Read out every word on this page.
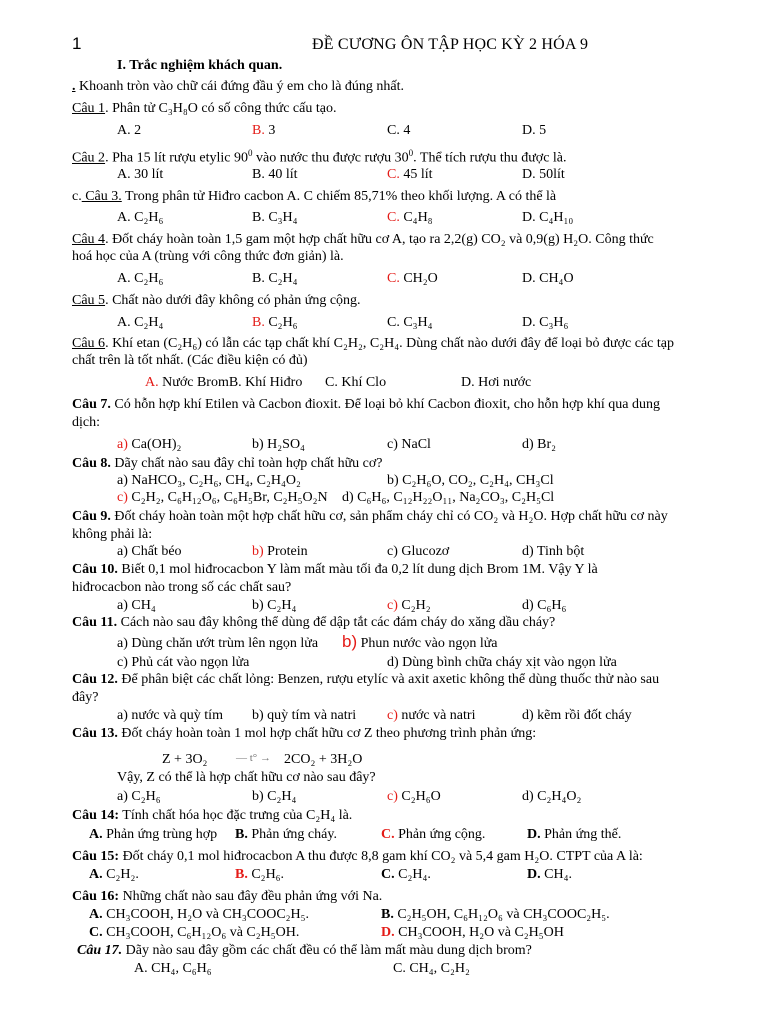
1	ĐỀ CƯƠNG ÔN TẬP HỌC KỲ 2 HÓA 9
I. Trắc nghiệm khách quan.
. Khoanh tròn vào chữ cái đứng đầu ý em cho là đúng nhất.
Câu 1. Phân tử C₃H₈O có số công thức cấu tạo.
A. 2	B. 3	C. 4	D. 5
Câu 2. Pha 15 lít rượu etylic $90^0$ vào nước thu được rượu $30^0$. Thể tích rượu thu được là.
A. 30 lít	B. 40 lít	C. 45 lít	D. 50lít
c. Câu 3. Trong phân tử Hiđro cacbon A. C chiếm 85,71% theo khối lượng. A có thể là
A. C₂H₆	B. C₃H₄	C. C₄H₈	D. C₄H₁₀
Câu 4. Đốt cháy hoàn toàn 1,5 gam một hợp chất hữu cơ A, tạo ra 2,2(g) CO₂ và 0,9(g) H₂O. Công thức
hoá học của A (trùng với công thức đơn giản) là.
A. C₂H₆	B. C₂H₄	C. CH₂O	D. CH₄O
Câu 5. Chất nào dưới đây không có phản ứng cộng.
A. C₂H₄	B. C₂H₆	C. C₃H₄	D. C₃H₆
Câu 6. Khí etan (C₂H₆) có lẫn các tạp chất khí C₂H₂, C₂H₄. Dùng chất nào dưới đây để loại bỏ được các tạp
chất trên là tốt nhất. (Các điều kiện có đủ)
A. Nước BromB. Khí Hiđro C. Khí Clo	D. Hơi nước
Câu 7. Có hỗn hợp khí Etilen và Cacbon đioxit. Để loại bỏ khí Cacbon đioxit, cho hỗn hợp khí qua dung
dịch:
a) Ca(OH)₂	b) H₂SO₄	c) NaCl	d) Br₂
Câu 8. Dãy chất nào sau đây chỉ toàn hợp chất hữu cơ?
a) NaHCO₃, C₂H₆, CH₄, C₂H₄O₂	b) C₂H₆O, CO₂, C₂H₄, CH₃Cl
c) C₂H₂, C₆H₁₂O₆, C₆H₅Br, C₂H₅O₂N d) C₆H₆, C₁₂H₂₂O₁₁, Na₂CO₃, C₂H₅Cl
Câu 9. Đốt cháy hoàn toàn một hợp chất hữu cơ, sản phẩm cháy chỉ có CO₂ và H₂O. Hợp chất hữu cơ này
không phải là:
a) Chất béo	b) Protein	c) Glucozơ	d) Tinh bột
Câu 10. Biết 0,1 mol hiđrocacbon Y làm mất màu tối đa 0,2 lít dung dịch Brom 1M. Vậy Y là
hiđrocacbon nào trong số các chất sau?
a) CH₄	b) C₂H₄	c) C₂H₂	d) C₆H₆
Câu 11. Cách nào sau đây không thể dùng để dập tắt các đám cháy do xăng dầu cháy?
a) Dùng chăn ướt trùm lên ngọn lửa b) Phun nước vào ngọn lửa
c) Phủ cát vào ngọn lửa	d) Dùng bình chữa cháy xịt vào ngọn lửa
Câu 12. Để phân biệt các chất lỏng: Benzen, rượu etylíc và axit axetic không thể dùng thuốc thử nào sau
đây?
a) nước và quỳ tím b) quỳ tím và natri c) nước và natri	d) kẽm rồi đốt cháy
Câu 13. Đốt cháy hoàn toàn 1 mol hợp chất hữu cơ Z theo phương trình phản ứng:
Z + 3O₂	— t° → 2CO₂ + 3H₂O
Vậy, Z có thể là hợp chất hữu cơ nào sau đây?
a) C₂H₆	b) C₂H₄	c) C₂H₆O	d) C₂H₄O₂
Câu 14: Tính chất hóa học đặc trưng của C₂H₄ là.
A. Phản ứng trùng hợp B. Phản ứng cháy.	C. Phản ứng cộng.	D. Phản ứng thế.
Câu 15: Đốt cháy 0,1 mol hiđrocacbon A thu được 8,8 gam khí CO₂ và 5,4 gam H₂O. CTPT của A là:
A. C₂H₂.	B. C₂H₆.	C. C₂H₄.	D. CH₄.
Câu 16: Những chất nào sau đây đều phản ứng với Na.
A. CH₃COOH, H₂O và CH₃COOC₂H₅.	B. C₂H₅OH, C₆H₁₂O₆ và CH₃COOC₂H₅.
C. CH₃COOH, C₆H₁₂O₆ và C₂H₅OH.	D. CH₃COOH, H₂O và C₂H₅OH
Câu 17. Dãy nào sau đây gồm các chất đều có thể làm mất màu dung dịch brom?
A. CH₄, C₆H₆	C. CH₄, C₂H₂
